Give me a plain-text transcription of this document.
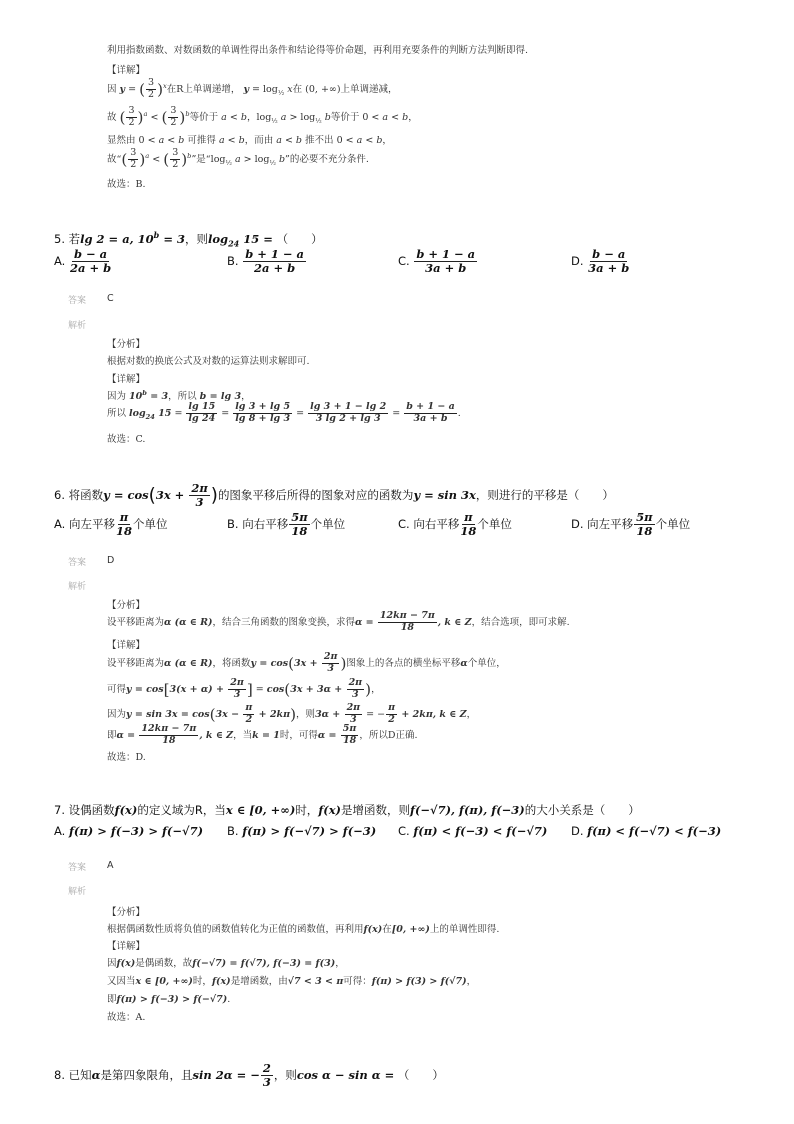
利用指数函数、对数函数的单调性得出条件和结论得等价命题，再利用充要条件的判断方法判断即得.
【详解】
因 y = ( $\frac{3}{2} )^x$在R上单调递增， $y = \log_{\frac{1}{2}} x$在 (0, +∞)上单调递减，
故 ( $\frac{3}{2} )^a$ < ( $\frac{3}{2} )^b$等价于 a < b，$\log_{\frac{1}{2}} a > \log_{\frac{1}{2}} b$等价于 0 < a < b，
显然由 0 < a < b 可推得 a < b，而由 a < b 推不出 0 < a < b，
故“( $\frac{3}{2} )^a$ < ( $\frac{3}{2} )^b$”是“$\log_{\frac{1}{2}}$ $a > \log_{\frac{1}{2}} b$”的必要不充分条件.
故选：B.
5. 若lg 2 = a, $10^b = 3$，则$\log_{24} 15$ = （　　）
A. $\frac{b - a}{2a + b}$	B. $\frac{b + 1 - a}{2a + b}$	C. $\frac{b + 1 - a}{3a + b}$	D. $\frac{b - a}{3a + b}$
答案 C
解析
【分析】
根据对数的换底公式及对数的运算法则求解即可.
【详解】
因为 $10^b = 3$，所以 b = lg 3，
所以 $\log_{24} 15 = \frac{\lg 15}{\lg 24} = \frac{\lg 3 + \lg 5}{\lg 8 + \lg 3} = \frac{\lg 3 + 1 - \lg 2}{3 \lg 2 + \lg 3} = \frac{b + 1 - a}{3a + b}$ .
故选：C.
6. 将函数$y = \cos(3x + \frac{2\pi}{3}$ )的图象平移后所得的图象对应的函数为y = sin 3x，则进行的平移是（　　）
A. 向左平移 $\frac{\pi}{18}$ 个单位	B. 向右平移 $\frac{5\pi}{18}$ 个单位	C. 向右平移 $\frac{\pi}{18}$ 个单位	D. 向左平移 $\frac{5\pi}{18}$ 个单位
答案 D
解析
【分析】
设平移距离为α (α ∈ R)，结合三角函数的图象变换，求得$\alpha = \frac{12k\pi - 7\pi}{18}$ , k ∈ Z，结合选项，即可求解.
【详解】
设平移距离为α (α ∈ R)，将函数$y = \cos(3x + \frac{2\pi}{3}$ )图象上的各点的横坐标平移α个单位，
可得$y = \cos[3(x + \alpha) + \frac{2\pi}{3}$ ] = $\cos(3x + 3\alpha + \frac{2\pi}{3}$ )，
因为$y = \sin 3x = \cos(3x - \frac{\pi}{2} + 2k\pi)$，则$3\alpha + \frac{2\pi}{3}$ = − $\frac{\pi}{2} + 2k\pi$, k ∈ Z，
即$\alpha = \frac{12k\pi - 7\pi}{18}$ , k ∈ Z，当k = 1时，可得$\alpha = \frac{5\pi}{18}$ ，所以D正确.
故选：D.
7. 设偶函数f(x)的定义域为R，当x ∈ [0, +∞)时，f(x)是增函数，则f(−√7), f(π), f(−3)的大小关系是（　　）
A. f(π) > f(−3) > f(−√7) B. f(π) > f(−√7) > f(−3) C. f(π) < f(−3) < f(−√7) D. f(π) < f(−√7) < f(−3)
答案 A
解析
【分析】
根据偶函数性质将负值的函数值转化为正值的函数值，再利用f(x)在[0, +∞)上的单调性即得.
【详解】
因f(x)是偶函数，故f(−√7) = f(√7), f(−3) = f(3)，
又因当x ∈ [0, +∞)时，f(x)是增函数，由√7 < 3 < π可得：f(π) > f(3) > f(√7)，
即f(π) > f(−3) > f(−√7).
故选：A.
8. 已知α是第四象限角，且sin 2α = − $\frac{2}{3}$ ，则cos α − sin α = （　　）
